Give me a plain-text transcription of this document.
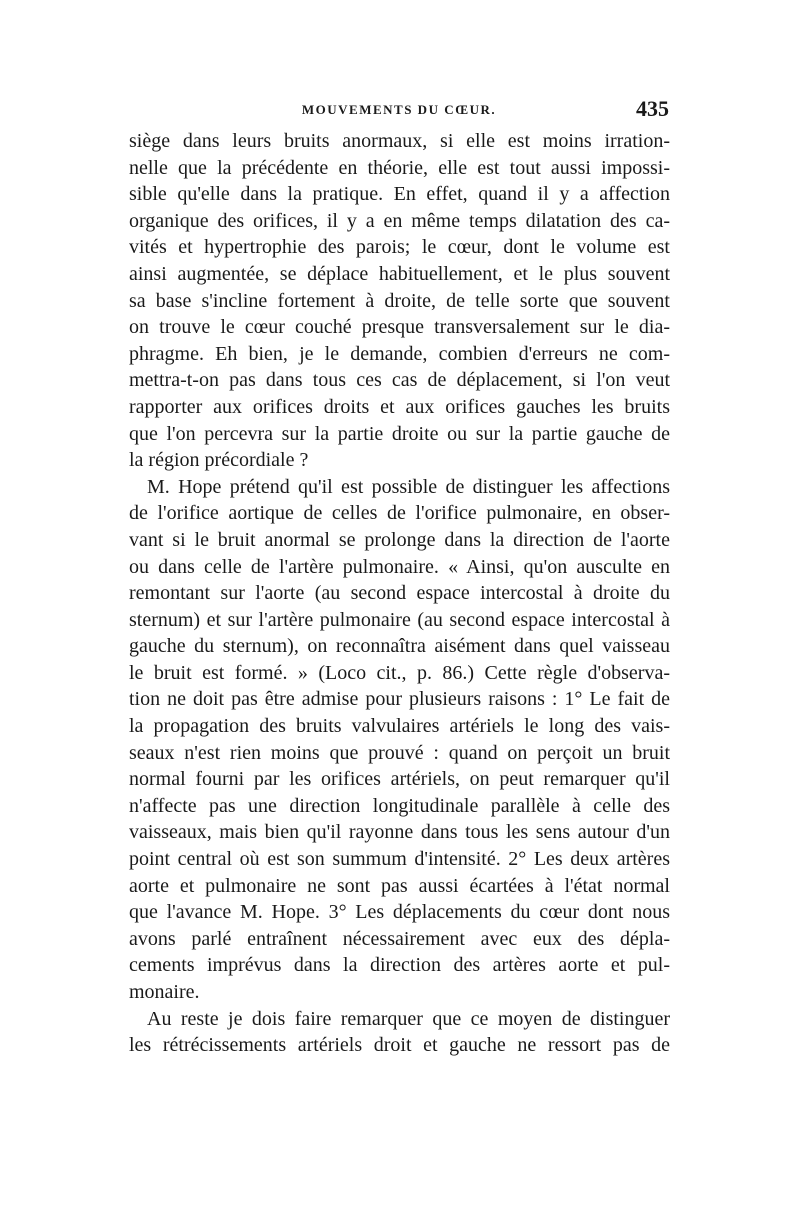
MOUVEMENTS DU CŒUR.	435
siège dans leurs bruits anormaux, si elle est moins irration-
nelle que la précédente en théorie, elle est tout aussi impossi-
sible qu'elle dans la pratique. En effet, quand il y a affection
organique des orifices, il y a en même temps dilatation des ca-
vités et hypertrophie des parois; le cœur, dont le volume est
ainsi augmentée, se déplace habituellement, et le plus souvent
sa base s'incline fortement à droite, de telle sorte que souvent
on trouve le cœur couché presque transversalement sur le dia-
phragme. Eh bien, je le demande, combien d'erreurs ne com-
mettra-t-on pas dans tous ces cas de déplacement, si l'on veut
rapporter aux orifices droits et aux orifices gauches les bruits
que l'on percevra sur la partie droite ou sur la partie gauche de
la région précordiale ?
M. Hope prétend qu'il est possible de distinguer les affections
de l'orifice aortique de celles de l'orifice pulmonaire, en obser-
vant si le bruit anormal se prolonge dans la direction de l'aorte
ou dans celle de l'artère pulmonaire. « Ainsi, qu'on ausculte en
remontant sur l'aorte (au second espace intercostal à droite du
sternum) et sur l'artère pulmonaire (au second espace intercostal à
gauche du sternum), on reconnaîtra aisément dans quel vaisseau
le bruit est formé. » (Loco cit., p. 86.) Cette règle d'observa-
tion ne doit pas être admise pour plusieurs raisons : 1° Le fait de
la propagation des bruits valvulaires artériels le long des vais-
seaux n'est rien moins que prouvé : quand on perçoit un bruit
normal fourni par les orifices artériels, on peut remarquer qu'il
n'affecte pas une direction longitudinale parallèle à celle des
vaisseaux, mais bien qu'il rayonne dans tous les sens autour d'un
point central où est son summum d'intensité. 2° Les deux artères
aorte et pulmonaire ne sont pas aussi écartées à l'état normal
que l'avance M. Hope. 3° Les déplacements du cœur dont nous
avons parlé entraînent nécessairement avec eux des dépla-
cements imprévus dans la direction des artères aorte et pul-
monaire.
Au reste je dois faire remarquer que ce moyen de distinguer
les rétrécissements artériels droit et gauche ne ressort pas de
